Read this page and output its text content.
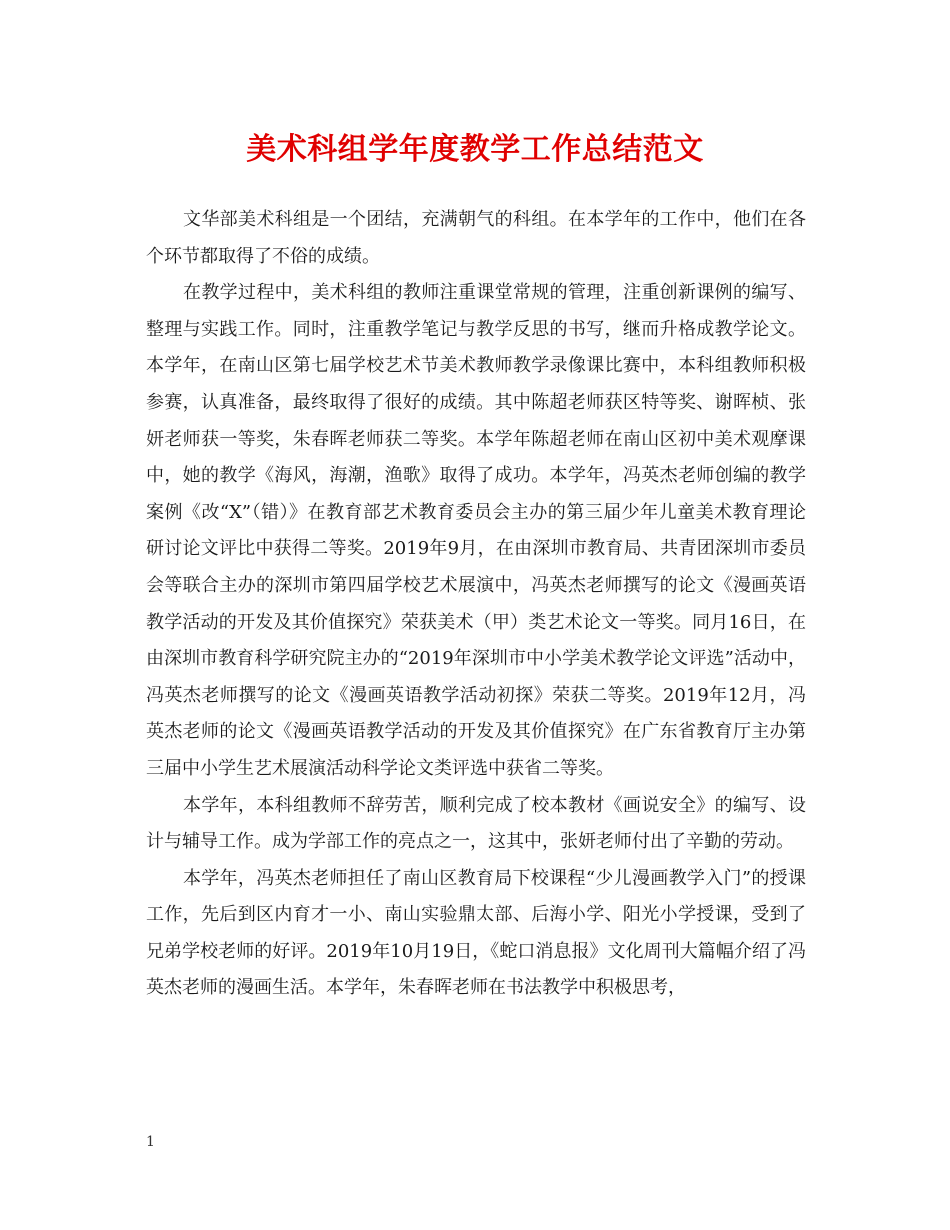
美术科组学年度教学工作总结范文

文华部美术科组是一个团结，充满朝气的科组。在本学年的工作中，他们在各个环节都取得了不俗的成绩。

在教学过程中，美术科组的教师注重课堂常规的管理，注重创新课例的编写、整理与实践工作。同时，注重教学笔记与教学反思的书写，继而升格成教学论文。本学年，在南山区第七届学校艺术节美术教师教学录像课比赛中，本科组教师积极参赛，认真准备，最终取得了很好的成绩。其中陈超老师获区特等奖、谢晖桢、张妍老师获一等奖，朱春晖老师获二等奖。本学年陈超老师在南山区初中美术观摩课中，她的教学《海风，海潮，渔歌》取得了成功。本学年，冯英杰老师创编的教学案例《改“X”（错）》在教育部艺术教育委员会主办的第三届少年儿童美术教育理论研讨论文评比中获得二等奖。2019年9月，在由深圳市教育局、共青团深圳市委员会等联合主办的深圳市第四届学校艺术展演中，冯英杰老师撰写的论文《漫画英语教学活动的开发及其价值探究》荣获美术（甲）类艺术论文一等奖。同月16日，在由深圳市教育科学研究院主办的“2019年深圳市中小学美术教学论文评选”活动中，冯英杰老师撰写的论文《漫画英语教学活动初探》荣获二等奖。2019年12月，冯英杰老师的论文《漫画英语教学活动的开发及其价值探究》在广东省教育厅主办第三届中小学生艺术展演活动科学论文类评选中获省二等奖。

本学年，本科组教师不辞劳苦，顺利完成了校本教材《画说安全》的编写、设计与辅导工作。成为学部工作的亮点之一，这其中，张妍老师付出了辛勤的劳动。

本学年，冯英杰老师担任了南山区教育局下校课程“少儿漫画教学入门”的授课工作，先后到区内育才一小、南山实验鼎太部、后海小学、阳光小学授课，受到了兄弟学校老师的好评。2019年10月19日，《蛇口消息报》文化周刊大篇幅介绍了冯英杰老师的漫画生活。本学年，朱春晖老师在书法教学中积极思考，

1
